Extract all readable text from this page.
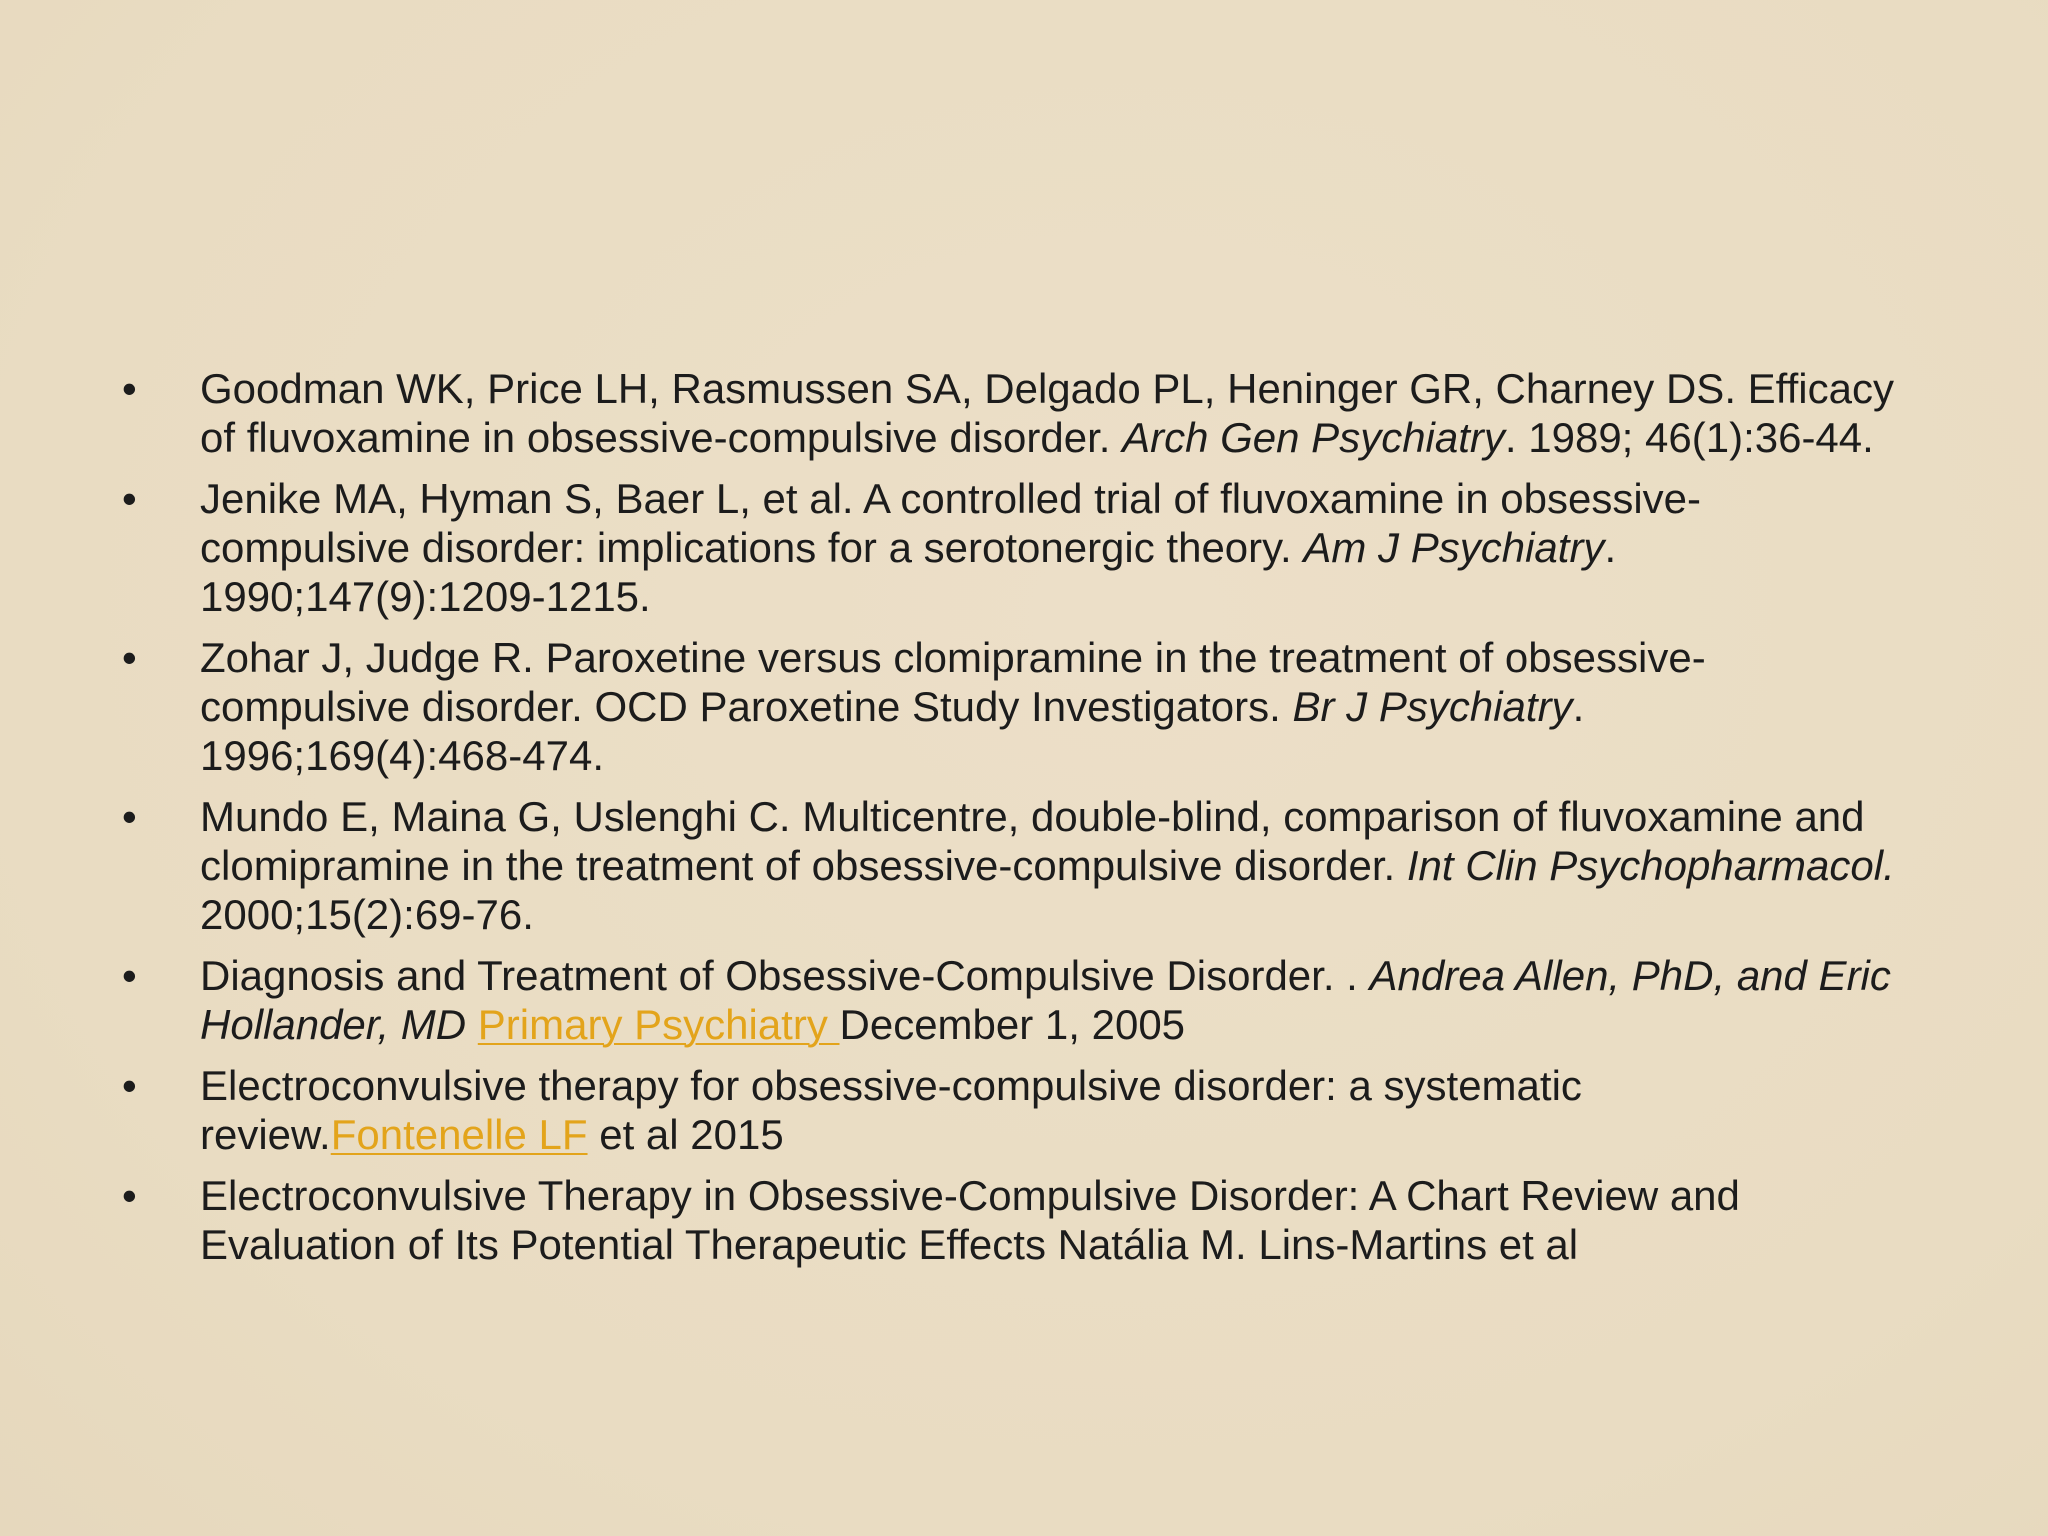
•	Goodman WK, Price LH, Rasmussen SA, Delgado PL, Heninger GR, Charney DS. Efficacy of fluvoxamine in obsessive-compulsive disorder. Arch Gen Psychiatry. 1989; 46(1):36-44.
•	Jenike MA, Hyman S, Baer L, et al. A controlled trial of fluvoxamine in obsessive-compulsive disorder: implications for a serotonergic theory. Am J Psychiatry. 1990;147(9):1209-1215.
•	Zohar J, Judge R. Paroxetine versus clomipramine in the treatment of obsessive-compulsive disorder. OCD Paroxetine Study Investigators. Br J Psychiatry. 1996;169(4):468-474.
•	Mundo E, Maina G, Uslenghi C. Multicentre, double-blind, comparison of fluvoxamine and clomipramine in the treatment of obsessive-compulsive disorder. Int Clin Psychopharmacol. 2000;15(2):69-76.
•	Diagnosis and Treatment of Obsessive-Compulsive Disorder. . Andrea Allen, PhD, and Eric Hollander, MD Primary Psychiatry December 1, 2005
•	Electroconvulsive therapy for obsessive-compulsive disorder: a systematic review.Fontenelle LF et al 2015
•	Electroconvulsive Therapy in Obsessive-Compulsive Disorder: A Chart Review and Evaluation of Its Potential Therapeutic Effects Natália M. Lins-Martins et al
